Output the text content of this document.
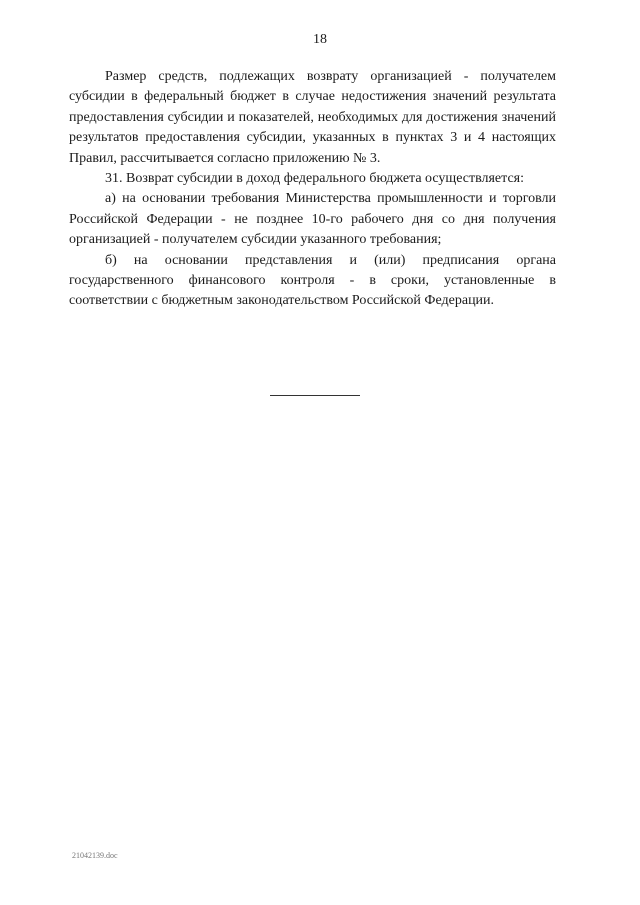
18

Размер средств, подлежащих возврату организацией - получателем субсидии в федеральный бюджет в случае недостижения значений результата предоставления субсидии и показателей, необходимых для достижения значений результатов предоставления субсидии, указанных в пунктах 3 и 4 настоящих Правил, рассчитывается согласно приложению № 3.

31. Возврат субсидии в доход федерального бюджета осуществляется:

а) на основании требования Министерства промышленности и торговли Российской Федерации - не позднее 10-го рабочего дня со дня получения организацией - получателем субсидии указанного требования;

б) на основании представления и (или) предписания органа государственного финансового контроля - в сроки, установленные в соответствии с бюджетным законодательством Российской Федерации.

21042139.doc
